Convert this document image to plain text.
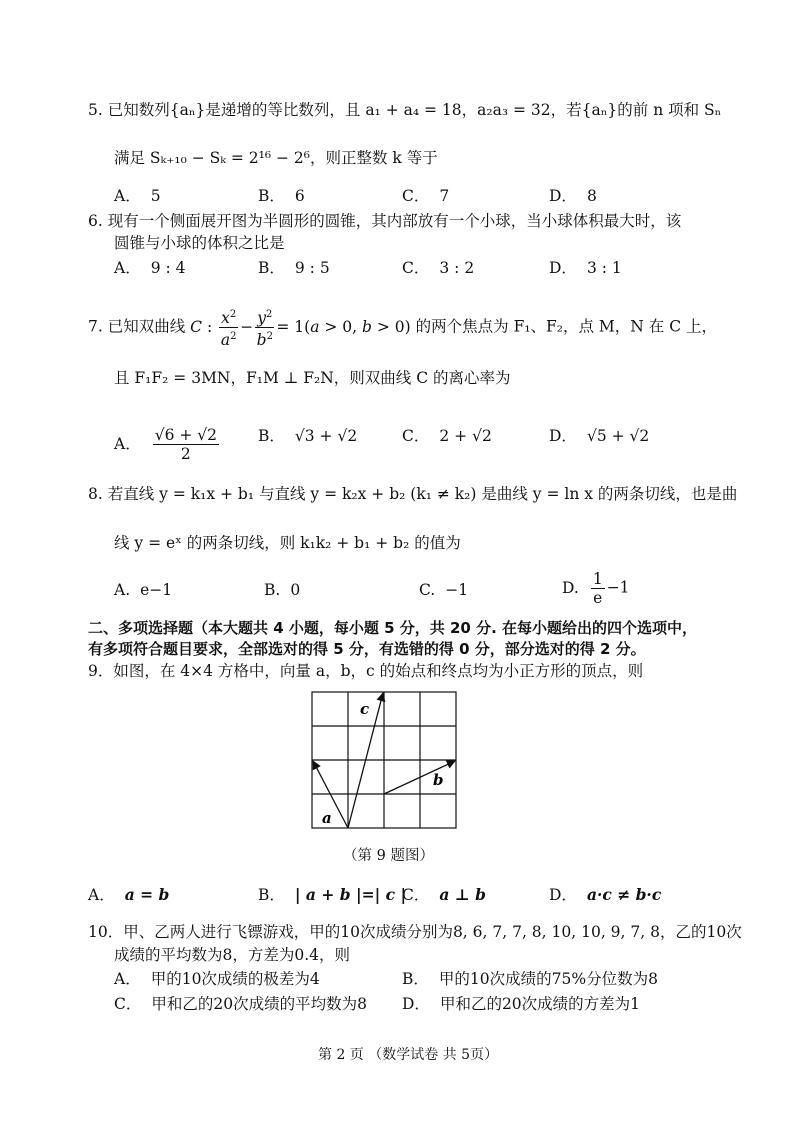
5. 已知数列{aₙ}是递增的等比数列，且 a₁ + a₄ = 18，a₂a₃ = 32，若{aₙ}的前 n 项和 Sₙ
满足 Sₖ₊₁₀ − Sₖ = 2¹⁶ − 2⁶，则正整数 k 等于
A． 5	B． 6	C． 7	D． 8
6. 现有一个侧面展开图为半圆形的圆锥，其内部放有一个小球，当小球体积最大时，该
圆锥与小球的体积之比是
A． 9 : 4	B． 9 : 5	C． 3 : 2	D． 3 : 1
7. 已知双曲线 C : $\frac{x^2}{a^2} - \frac{y^2}{b^2} = 1(a > 0$, b > 0) 的两个焦点为 F₁、F₂，点 M，N 在 C 上，
且 F₁F₂ = 3MN，F₁M ⊥ F₂N，则双曲线 C 的离心率为
A． $\frac{√6 + √2}{2}$	B． √3 + √2	C． 2 + √2	D． √5 + √2
8. 若直线 y = k₁x + b₁ 与直线 y = k₂x + b₂ (k₁ ≠ k₂) 是曲线 y = ln x 的两条切线，也是曲
线 y = eˣ 的两条切线，则 k₁k₂ + b₁ + b₂ 的值为
A. e−1	B. 0	C. −1	D. $\frac{1}{e} -1$
二、多项选择题（本大题共 4 小题，每小题 5 分，共 20 分. 在每小题给出的四个选项中，
有多项符合题目要求，全部选对的得 5 分，有选错的得 0 分，部分选对的得 2 分。
9．如图，在 4×4 方格中，向量 a，b，c 的始点和终点均为小正方形的顶点，则
a
c
b
（第 9 题图）
A． a = b	B． | a + b |=| c |
C． a ⊥ b	D． a·c ≠ b·c
10．甲、乙两人进行飞镖游戏，甲的10次成绩分别为8, 6, 7, 7, 8, 10, 10, 9, 7, 8，乙的10次
成绩的平均数为8，方差为0.4，则
A． 甲的10次成绩的极差为4	B． 甲的10次成绩的75%分位数为8
C． 甲和乙的20次成绩的平均数为8 D． 甲和乙的20次成绩的方差为1
第 2 页 （数学试卷 共 5页）
